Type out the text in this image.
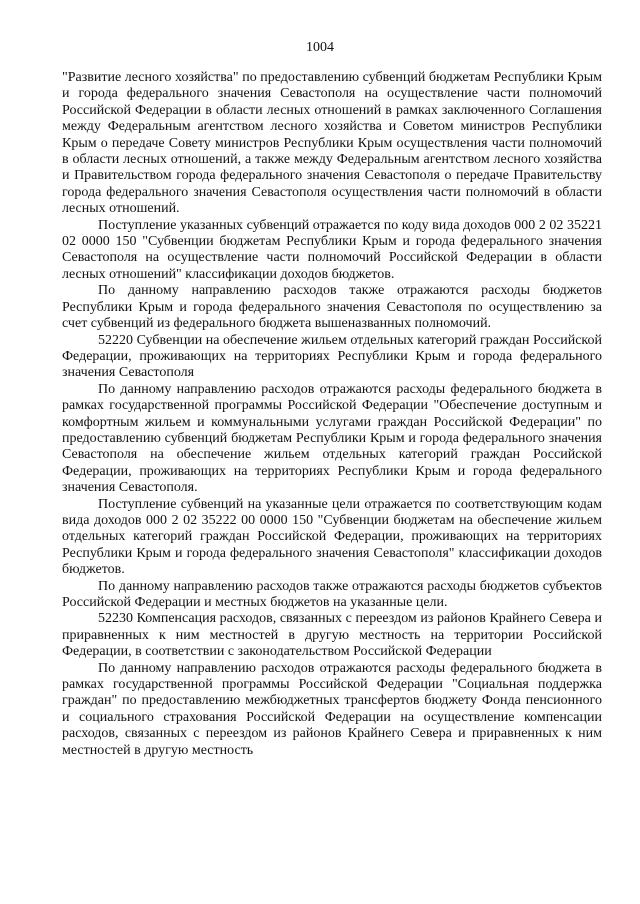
1004

"Развитие лесного хозяйства" по предоставлению субвенций бюджетам Республики Крым и города федерального значения Севастополя на осуществление части полномочий Российской Федерации в области лесных отношений в рамках заключенного Соглашения между Федеральным агентством лесного хозяйства и Советом министров Республики Крым о передаче Совету министров Республики Крым осуществления части полномочий в области лесных отношений, а также между Федеральным агентством лесного хозяйства и Правительством города федерального значения Севастополя о передаче Правительству города федерального значения Севастополя осуществления части полномочий в области лесных отношений.

Поступление указанных субвенций отражается по коду вида доходов 000 2 02 35221 02 0000 150 "Субвенции бюджетам Республики Крым и города федерального значения Севастополя на осуществление части полномочий Российской Федерации в области лесных отношений" классификации доходов бюджетов.

По данному направлению расходов также отражаются расходы бюджетов Республики Крым и города федерального значения Севастополя по осуществлению за счет субвенций из федерального бюджета вышеназванных полномочий.

52220 Субвенции на обеспечение жильем отдельных категорий граждан Российской Федерации, проживающих на территориях Республики Крым и города федерального значения Севастополя

По данному направлению расходов отражаются расходы федерального бюджета в рамках государственной программы Российской Федерации "Обеспечение доступным и комфортным жильем и коммунальными услугами граждан Российской Федерации" по предоставлению субвенций бюджетам Республики Крым и города федерального значения Севастополя на обеспечение жильем отдельных категорий граждан Российской Федерации, проживающих на территориях Республики Крым и города федерального значения Севастополя.

Поступление субвенций на указанные цели отражается по соответствующим кодам вида доходов 000 2 02 35222 00 0000 150 "Субвенции бюджетам на обеспечение жильем отдельных категорий граждан Российской Федерации, проживающих на территориях Республики Крым и города федерального значения Севастополя" классификации доходов бюджетов.

По данному направлению расходов также отражаются расходы бюджетов субъектов Российской Федерации и местных бюджетов на указанные цели.

52230 Компенсация расходов, связанных с переездом из районов Крайнего Севера и приравненных к ним местностей в другую местность на территории Российской Федерации, в соответствии с законодательством Российской Федерации

По данному направлению расходов отражаются расходы федерального бюджета в рамках государственной программы Российской Федерации "Социальная поддержка граждан" по предоставлению межбюджетных трансфертов бюджету Фонда пенсионного и социального страхования Российской Федерации на осуществление компенсации расходов, связанных с переездом из районов Крайнего Севера и приравненных к ним местностей в другую местность
